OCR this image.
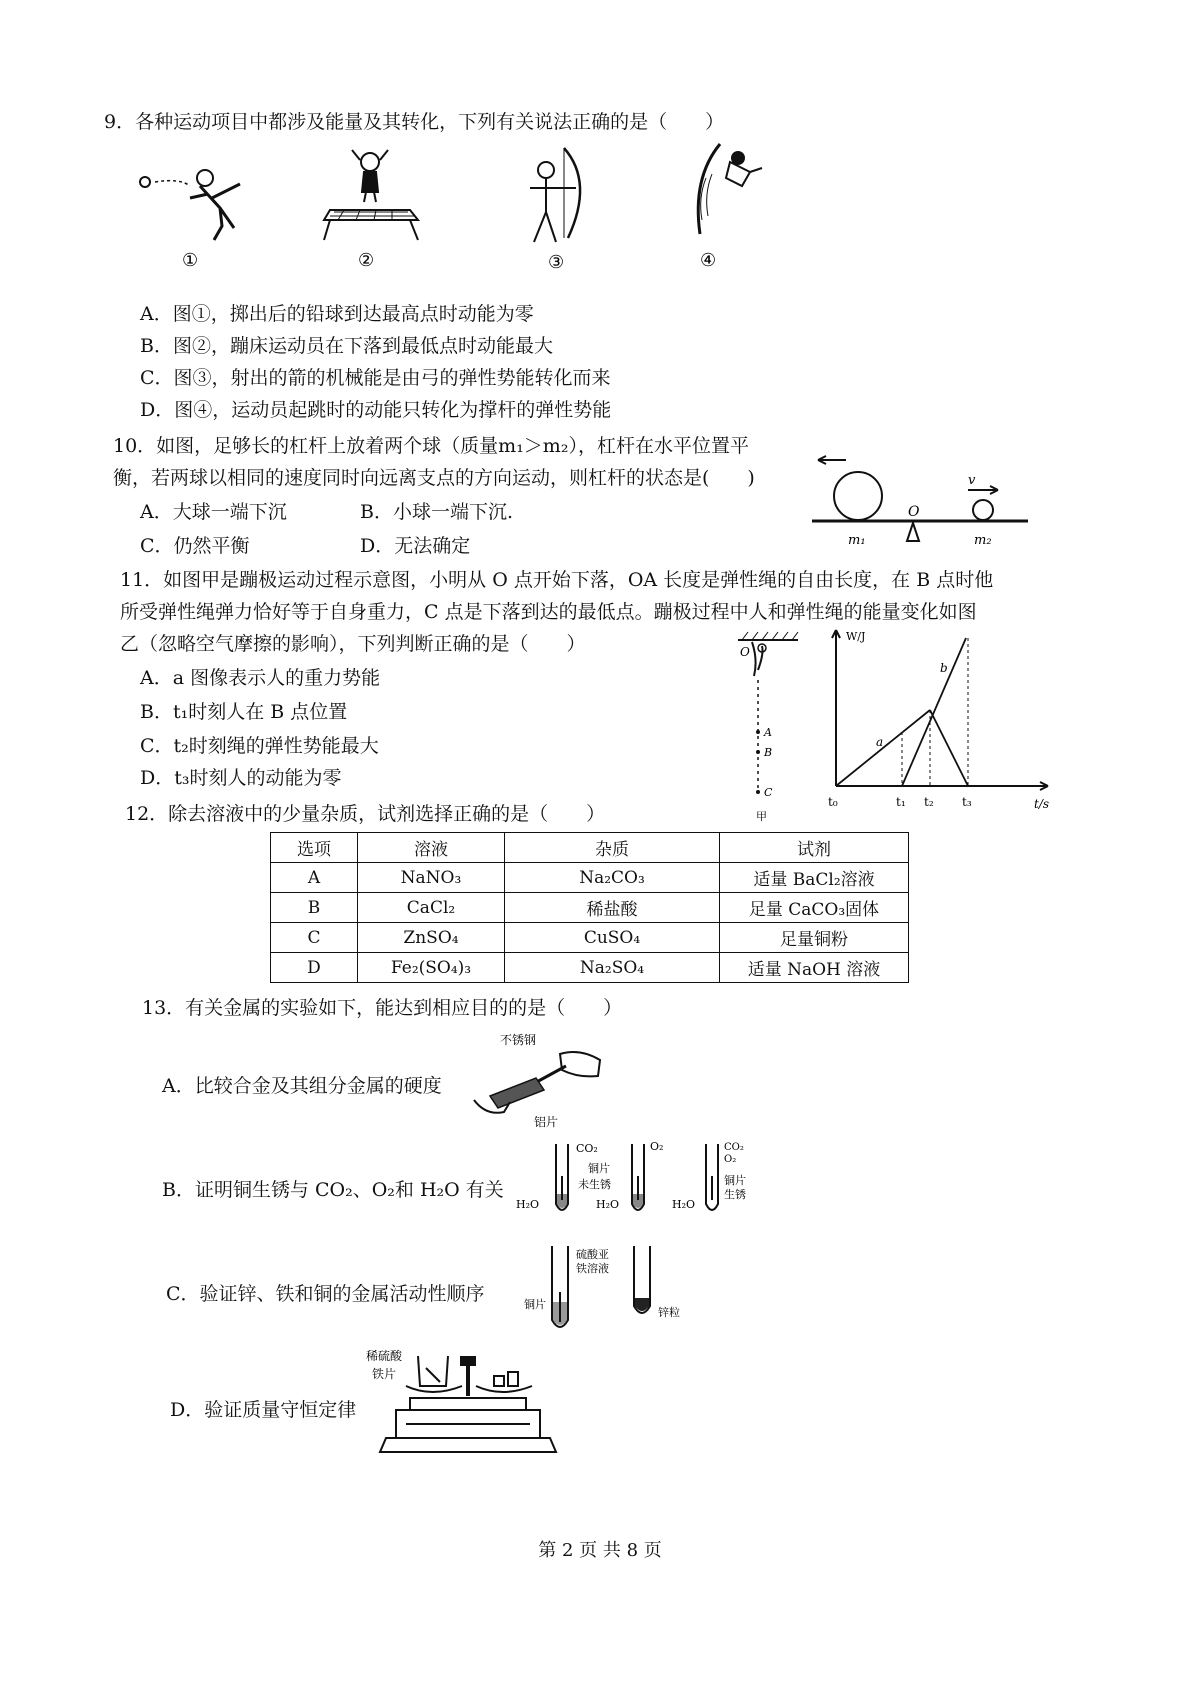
9．各种运动项目中都涉及能量及其转化，下列有关说法正确的是（　　）
①	②	③	④
A．图①，掷出后的铅球到达最高点时动能为零
B．图②，蹦床运动员在下落到最低点时动能最大
C．图③，射出的箭的机械能是由弓的弹性势能转化而来
D．图④，运动员起跳时的动能只转化为撑杆的弹性势能
10．如图，足够长的杠杆上放着两个球（质量m₁＞m₂），杠杆在水平位置平
衡，若两球以相同的速度同时向远离支点的方向运动，则杠杆的状态是(　　)
A．大球一端下沉	B．小球一端下沉.
C．仍然平衡	D．无法确定
v
O
m₁	m₂
11．如图甲是蹦极运动过程示意图，小明从 O 点开始下落，OA 长度是弹性绳的自由长度，在 B 点时他
所受弹性绳弹力恰好等于自身重力，C 点是下落到达的最低点。蹦极过程中人和弹性绳的能量变化如图
乙（忽略空气摩擦的影响），下列判断正确的是（　　）
A．a 图像表示人的重力势能
B．t₁时刻人在 B 点位置
C．t₂时刻绳的弹性势能最大
D．t₃时刻人的动能为零
O
A
B
C
甲
W/J
t/s
a
b
t₀	t₁ t₂ t₃
12．除去溶液中的少量杂质，试剂选择正确的是（　　）
选项	溶液	杂质	试剂
A	NaNO₃	Na₂CO₃	适量 BaCl₂溶液
B	CaCl₂	稀盐酸	足量 CaCO₃固体
C	ZnSO₄	CuSO₄	足量铜粉
D	Fe₂(SO₄)₃	Na₂SO₄	适量 NaOH 溶液
13．有关金属的实验如下，能达到相应目的的是（　　）
A．比较合金及其组分金属的硬度
不锈钢
铝片
B．证明铜生锈与 CO₂、O₂和 H₂O 有关
CO₂
H₂O
O₂
铜片
未生锈
H₂O
CO₂
O₂
铜片
生锈
H₂O
C．验证锌、铁和铜的金属活动性顺序	铜片
硫酸亚
铁溶液
锌粒
D．验证质量守恒定律
稀硫酸
铁片
第 2 页 共 8 页
